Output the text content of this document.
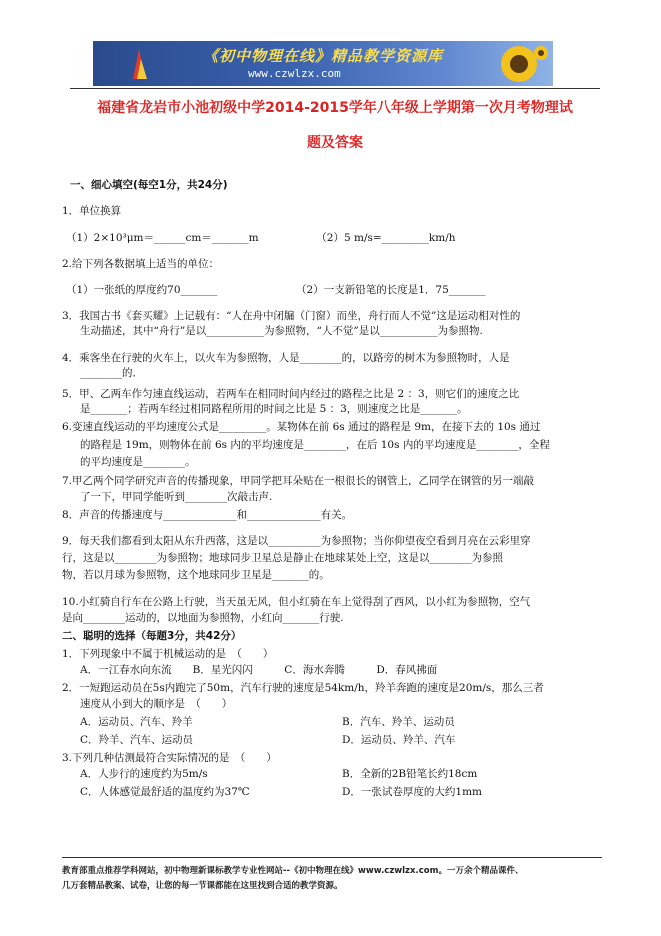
《初中物理在线》精品教学资源库
www.czwlzx.com
福建省龙岩市小池初级中学2014-2015学年八年级上学期第一次月考物理试
题及答案
一、细心填空(每空1分，共24分)
1．单位换算
（1）2×10³μm＝______cm＝_______m　　　　　　（2）5 m/s=_________km/h
2.给下列各数据填上适当的单位：
（1）一张纸的厚度约70_______　　　　　　　　（2）一支新铅笔的长度是1．75_______
3．我国古书《套买耀》上记载有：“人在舟中闭牖（门窗）而坐，舟行而人不觉”这是运动相对性的
生动描述，其中“舟行”是以___________为参照物，“人不觉”是以___________为参照物.
4．乘客坐在行驶的火车上，以火车为参照物，人是________的，以路旁的树木为参照物时，人是
________的．
5．甲、乙两车作匀速直线运动，若两车在相同时间内经过的路程之比是 2 ：3，则它们的速度之比
是_______；若两车经过相同路程所用的时间之比是 5 ：3，则速度之比是_______。
6.变速直线运动的平均速度公式是_________。某物体在前 6s 通过的路程是 9m，在接下去的 10s 通过
的路程是 19m，则物体在前 6s 内的平均速度是________，在后 10s 内的平均速度是________，全程
的平均速度是________。
7.甲乙两个同学研究声音的传播现象，甲同学把耳朵贴在一根很长的钢管上，乙同学在钢管的另一端敲
了一下，甲同学能听到________次敲击声.
8．声音的传播速度与______________和______________有关。
9．每天我们都看到太阳从东升西落，这是以__________为参照物；当你仰望夜空看到月亮在云彩里穿
行，这是以________为参照物；地球同步卫星总是静止在地球某处上空，这是以________为参照
物，若以月球为参照物，这个地球同步卫星是_______的。
10.小红骑自行车在公路上行驶，当天虽无风，但小红骑在车上觉得刮了西风，以小红为参照物，空气
是向________运动的，以地面为参照物，小红向_______行驶.
二、聪明的选择（每题3分，共42分）
1．下列现象中不属于机械运动的是　（　　）
A．一江春水向东流　　B．星光闪闪　　　C．海水奔腾　　　D．春风拂面
2．一短跑运动员在5s内跑完了50m，汽车行驶的速度是54km/h，羚羊奔跑的速度是20m/s，那么三者
速度从小到大的顺序是　（　　）
A．运动员、汽车、羚羊	B．汽车、羚羊、运动员
C．羚羊、汽车、运动员	D．运动员、羚羊、汽车
3.下列几种估测最符合实际情况的是　（　　）
A．人步行的速度约为5m/s	B．全新的2B铅笔长约18cm
C．人体感觉最舒适的温度约为37℃	D．一张试卷厚度的大约1mm
教育部重点推荐学科网站，初中物理新课标教学专业性网站--《初中物理在线》www.czwlzx.com。一万余个精品课件、
几万套精品教案、试卷，让您的每一节课都能在这里找到合适的教学资源。
